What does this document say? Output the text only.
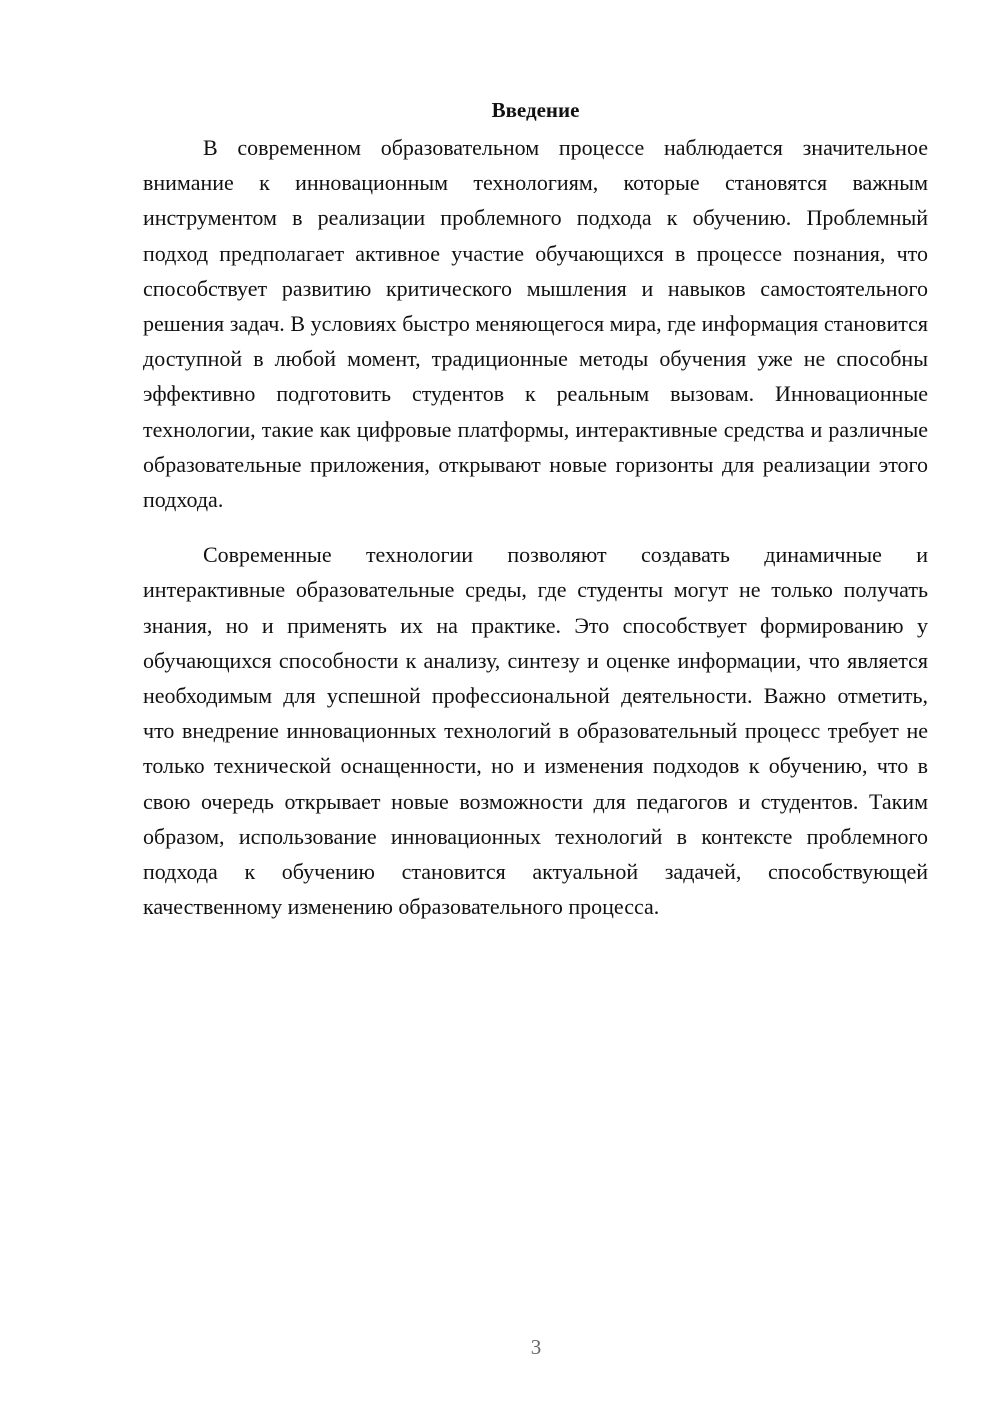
Введение

В современном образовательном процессе наблюдается значительное внимание к инновационным технологиям, которые становятся важным инструментом в реализации проблемного подхода к обучению. Проблемный подход предполагает активное участие обучающихся в процессе познания, что способствует развитию критического мышления и навыков самостоятельного решения задач. В условиях быстро меняющегося мира, где информация становится доступной в любой момент, традиционные методы обучения уже не способны эффективно подготовить студентов к реальным вызовам. Инновационные технологии, такие как цифровые платформы, интерактивные средства и различные образовательные приложения, открывают новые горизонты для реализации этого подхода.

Современные технологии позволяют создавать динамичные и интерактивные образовательные среды, где студенты могут не только получать знания, но и применять их на практике. Это способствует формированию у обучающихся способности к анализу, синтезу и оценке информации, что является необходимым для успешной профессиональной деятельности. Важно отметить, что внедрение инновационных технологий в образовательный процесс требует не только технической оснащенности, но и изменения подходов к обучению, что в свою очередь открывает новые возможности для педагогов и студентов. Таким образом, использование инновационных технологий в контексте проблемного подхода к обучению становится актуальной задачей, способствующей качественному изменению образовательного процесса.

3
